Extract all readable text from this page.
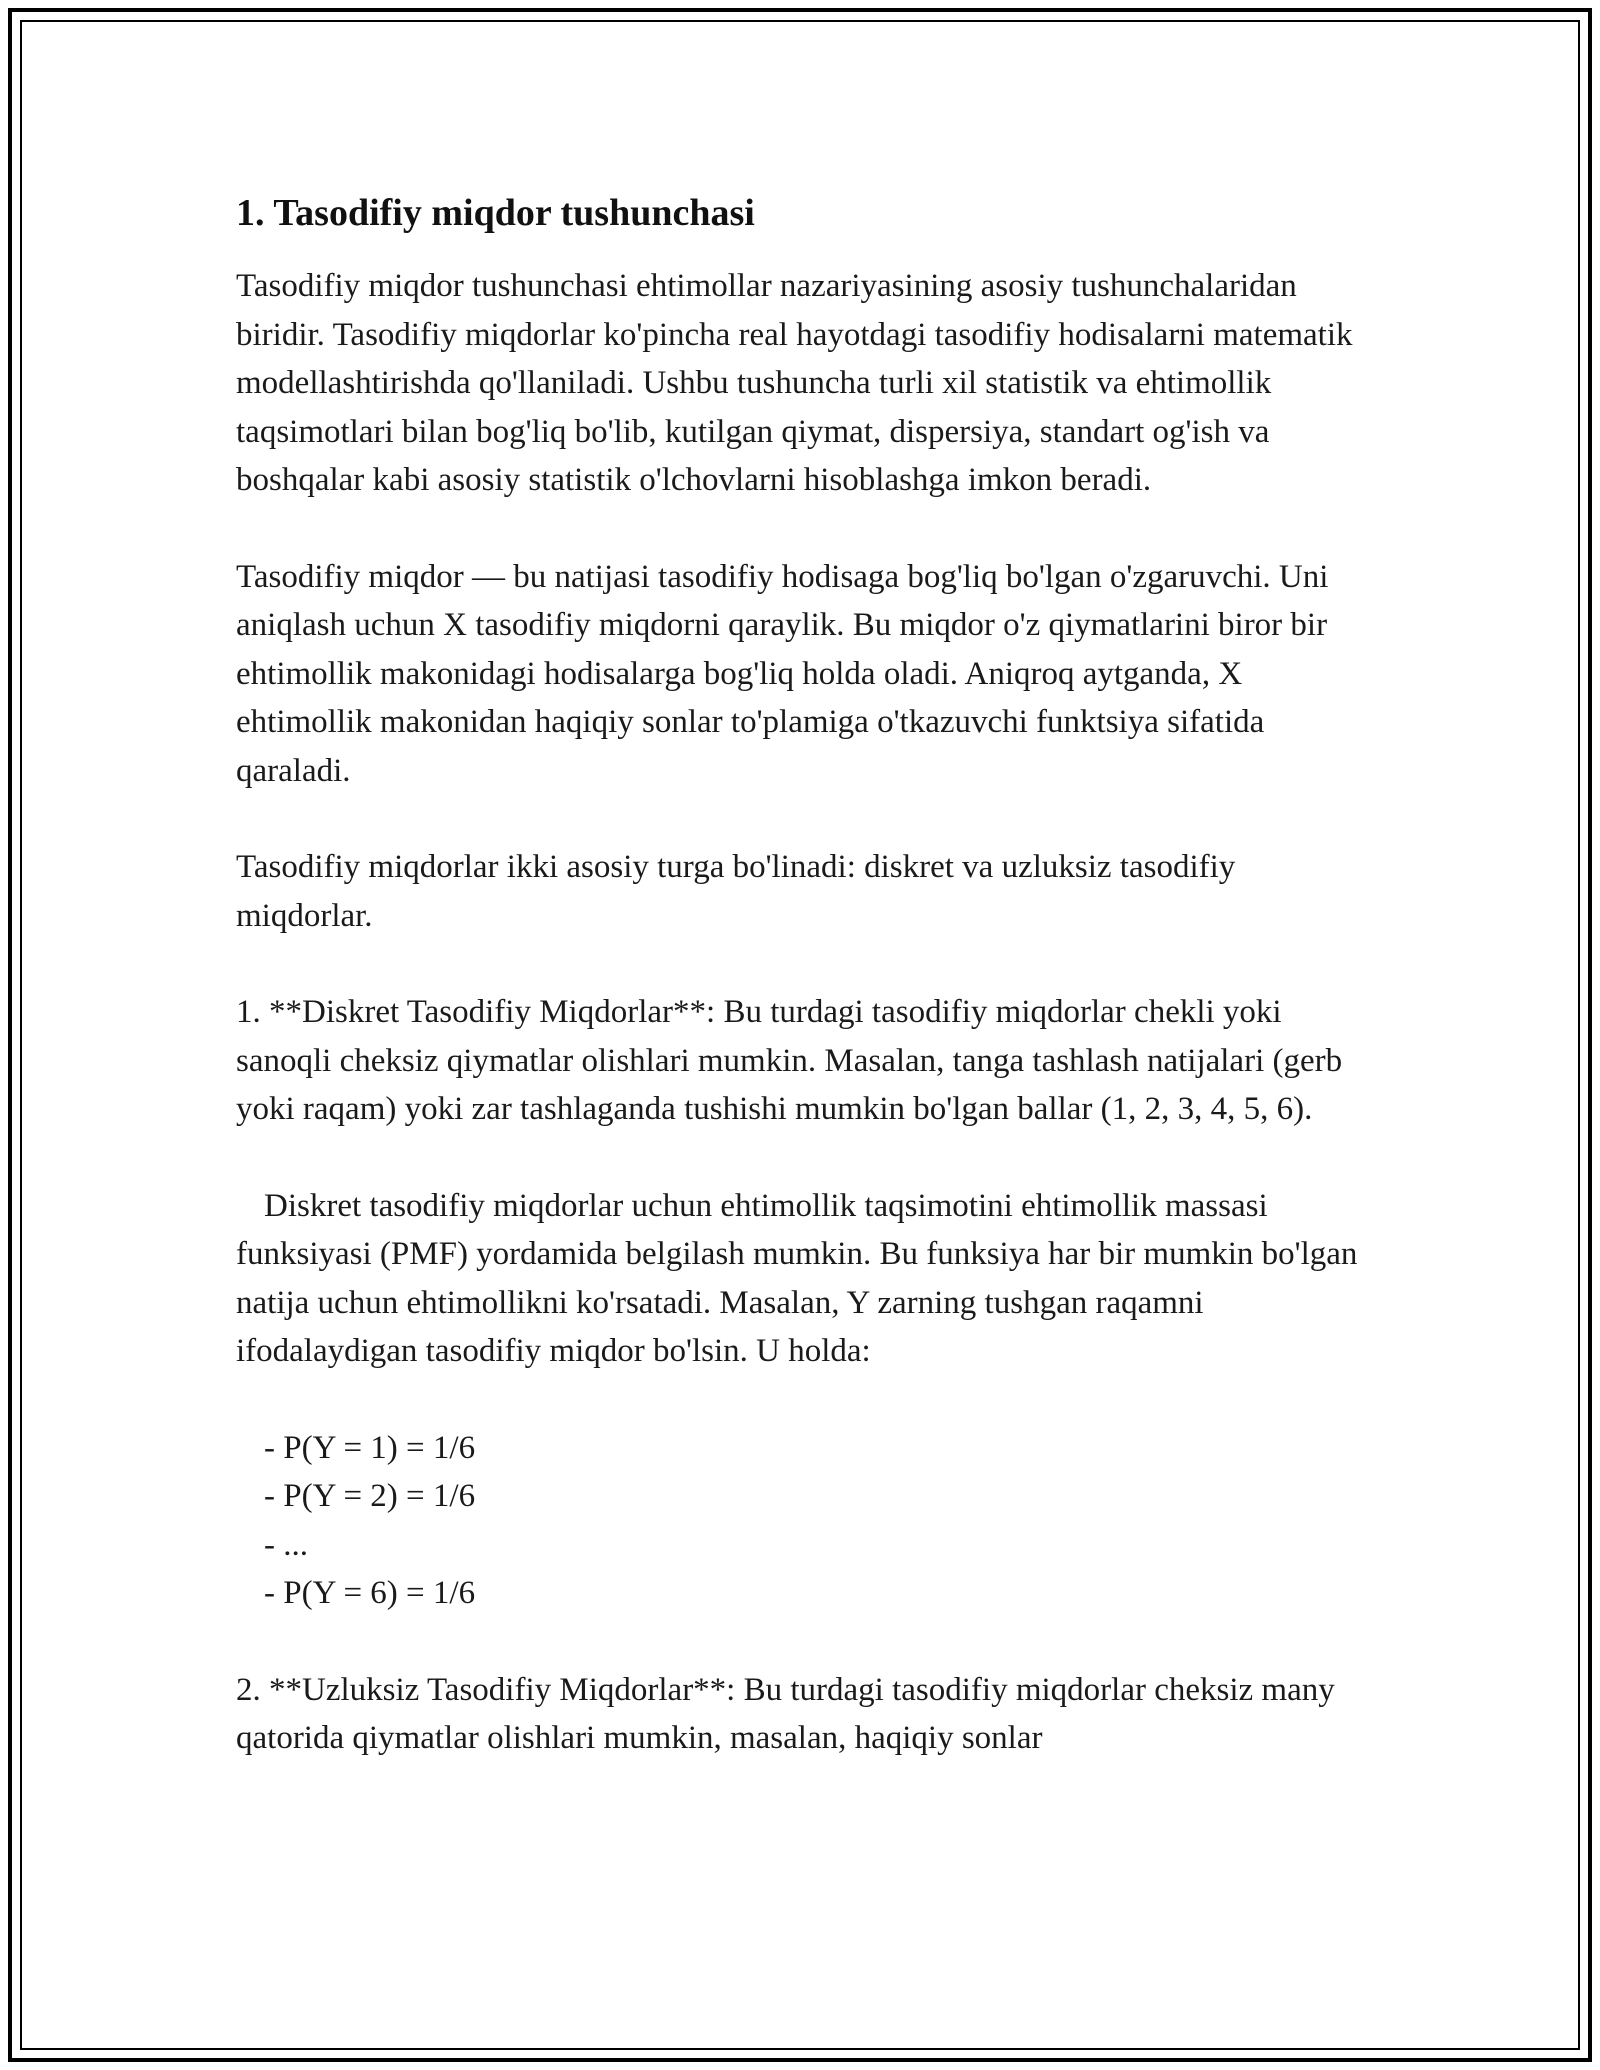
1. Tasodifiy miqdor tushunchasi

Tasodifiy miqdor tushunchasi ehtimollar nazariyasining asosiy tushunchalaridan biridir. Tasodifiy miqdorlar ko'pincha real hayotdagi tasodifiy hodisalarni matematik modellashtirishda qo'llaniladi. Ushbu tushuncha turli xil statistik va ehtimollik taqsimotlari bilan bog'liq bo'lib, kutilgan qiymat, dispersiya, standart og'ish va boshqalar kabi asosiy statistik o'lchovlarni hisoblashga imkon beradi.

Tasodifiy miqdor — bu natijasi tasodifiy hodisaga bog'liq bo'lgan o'zgaruvchi. Uni aniqlash uchun X tasodifiy miqdorni qaraylik. Bu miqdor o'z qiymatlarini biror bir ehtimollik makonidagi hodisalarga bog'liq holda oladi. Aniqroq aytganda, X ehtimollik makonidan haqiqiy sonlar to'plamiga o'tkazuvchi funktsiya sifatida qaraladi.

Tasodifiy miqdorlar ikki asosiy turga bo'linadi: diskret va uzluksiz tasodifiy miqdorlar.

1. **Diskret Tasodifiy Miqdorlar**: Bu turdagi tasodifiy miqdorlar chekli yoki sanoqli cheksiz qiymatlar olishlari mumkin. Masalan, tanga tashlash natijalari (gerb yoki raqam) yoki zar tashlaganda tushishi mumkin bo'lgan ballar (1, 2, 3, 4, 5, 6).

Diskret tasodifiy miqdorlar uchun ehtimollik taqsimotini ehtimollik massasi funksiyasi (PMF) yordamida belgilash mumkin. Bu funksiya har bir mumkin bo'lgan natija uchun ehtimollikni ko'rsatadi. Masalan, Y zarning tushgan raqamni ifodalaydigan tasodifiy miqdor bo'lsin. U holda:

- P(Y = 1) = 1/6
- P(Y = 2) = 1/6
- ...
- P(Y = 6) = 1/6

2. **Uzluksiz Tasodifiy Miqdorlar**: Bu turdagi tasodifiy miqdorlar cheksiz many qatorida qiymatlar olishlari mumkin, masalan, haqiqiy sonlar
